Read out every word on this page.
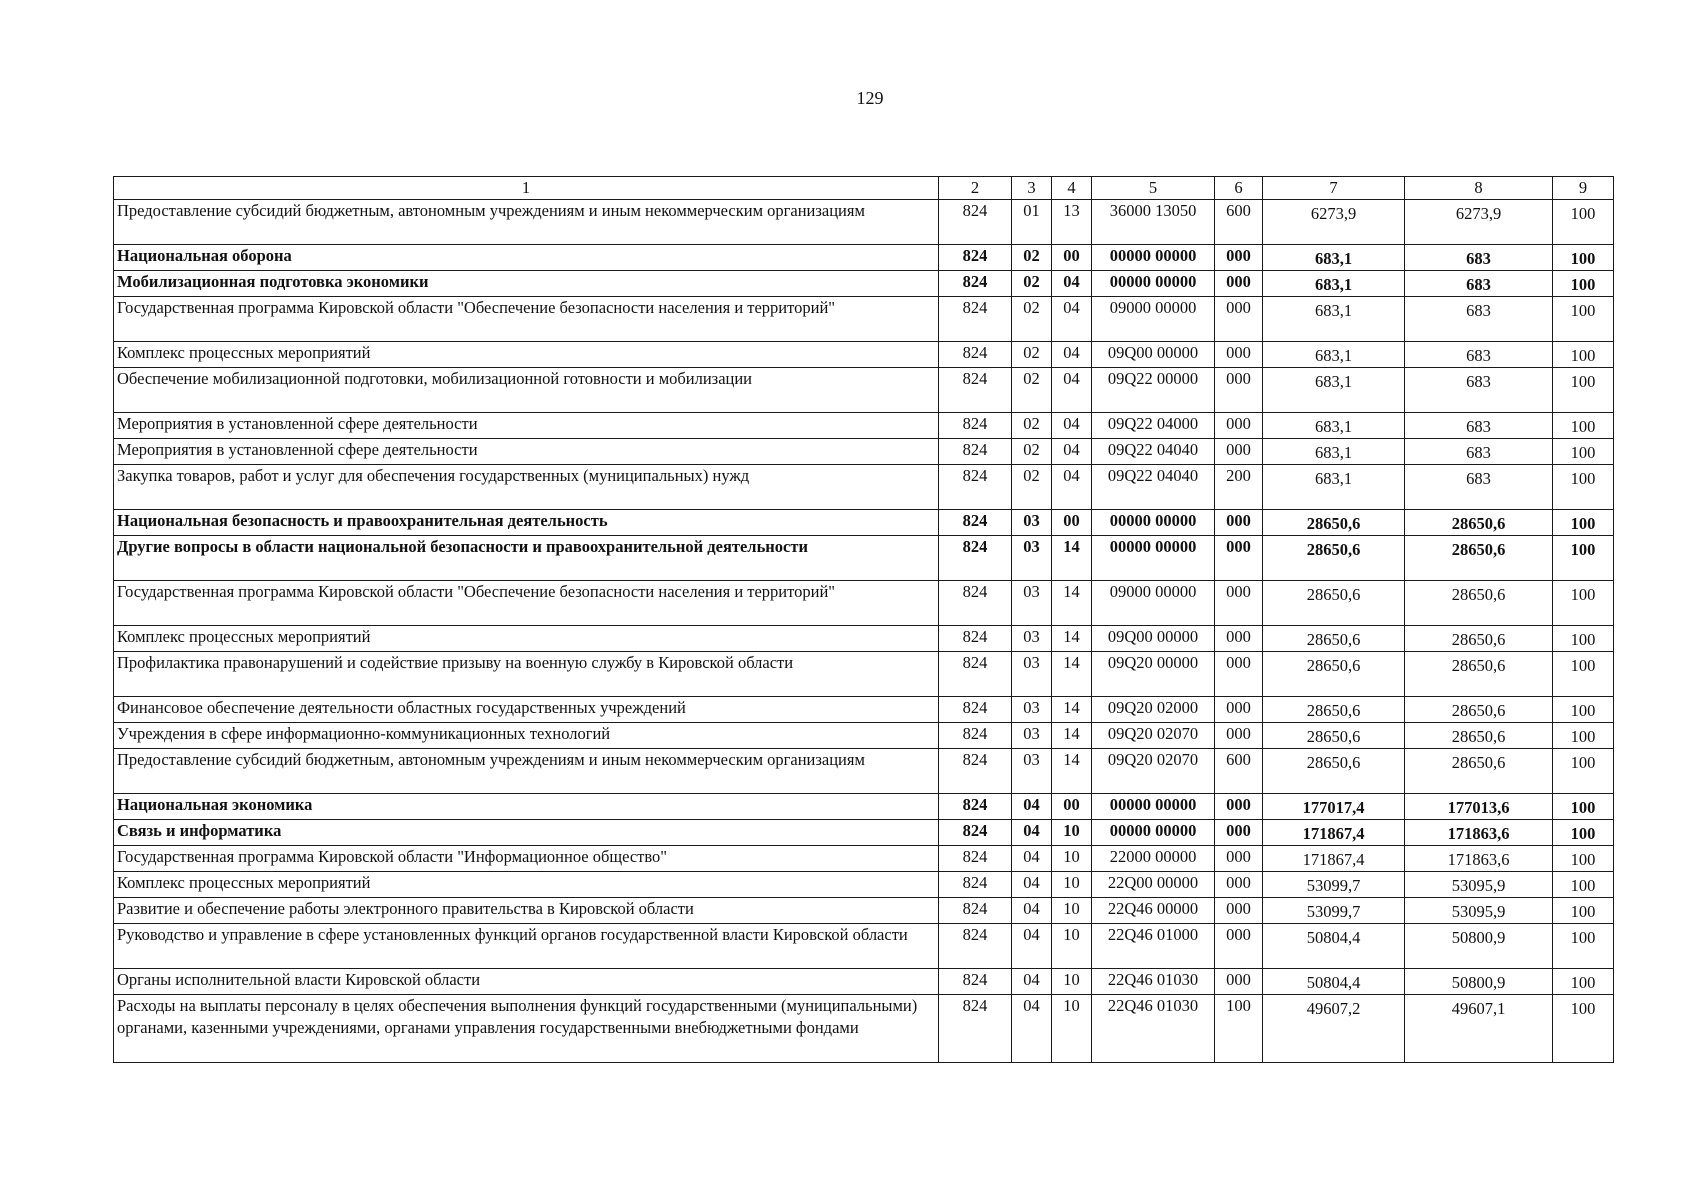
129
1	2	3	4	5	6	7	8	9
Предоставление субсидий бюджетным, автономным учреждениям и иным некоммерческим организациям	824	01	13	36000 13050	600	6273,9	6273,9	100
Национальная оборона	824	02	00	00000 00000	000	683,1	683	100
Мобилизационная подготовка экономики	824	02	04	00000 00000	000	683,1	683	100
Государственная программа Кировской области "Обеспечение безопасности населения и территорий"	824	02	04	09000 00000	000	683,1	683	100
Комплекс процессных мероприятий	824	02	04	09Q00 00000	000	683,1	683	100
Обеспечение мобилизационной подготовки, мобилизационной готовности и мобилизации	824	02	04	09Q22 00000	000	683,1	683	100
Мероприятия в установленной сфере деятельности	824	02	04	09Q22 04000	000	683,1	683	100
Мероприятия в установленной сфере деятельности	824	02	04	09Q22 04040	000	683,1	683	100
Закупка товаров, работ и услуг для обеспечения государственных (муниципальных) нужд	824	02	04	09Q22 04040	200	683,1	683	100
Национальная безопасность и правоохранительная деятельность	824	03	00	00000 00000	000	28650,6	28650,6	100
Другие вопросы в области национальной безопасности и правоохранительной деятельности	824	03	14	00000 00000	000	28650,6	28650,6	100
Государственная программа Кировской области "Обеспечение безопасности населения и территорий"	824	03	14	09000 00000	000	28650,6	28650,6	100
Комплекс процессных мероприятий	824	03	14	09Q00 00000	000	28650,6	28650,6	100
Профилактика правонарушений и содействие призыву на военную службу в Кировской области	824	03	14	09Q20 00000	000	28650,6	28650,6	100
Финансовое обеспечение деятельности областных государственных учреждений	824	03	14	09Q20 02000	000	28650,6	28650,6	100
Учреждения в сфере информационно-коммуникационных технологий	824	03	14	09Q20 02070	000	28650,6	28650,6	100
Предоставление субсидий бюджетным, автономным учреждениям и иным некоммерческим организациям	824	03	14	09Q20 02070	600	28650,6	28650,6	100
Национальная экономика	824	04	00	00000 00000	000	177017,4	177013,6	100
Связь и информатика	824	04	10	00000 00000	000	171867,4	171863,6	100
Государственная программа Кировской области "Информационное общество"	824	04	10	22000 00000	000	171867,4	171863,6	100
Комплекс процессных мероприятий	824	04	10	22Q00 00000	000	53099,7	53095,9	100
Развитие и обеспечение работы электронного правительства в Кировской области	824	04	10	22Q46 00000	000	53099,7	53095,9	100
Руководство и управление в сфере установленных функций органов государственной власти Кировской области	824	04	10	22Q46 01000	000	50804,4	50800,9	100
Органы исполнительной власти Кировской области	824	04	10	22Q46 01030	000	50804,4	50800,9	100
Расходы на выплаты персоналу в целях обеспечения выполнения функций государственными (муниципальными) органами, казенными учреждениями, органами управления государственными внебюджетными фондами	824	04	10	22Q46 01030	100	49607,2	49607,1	100
